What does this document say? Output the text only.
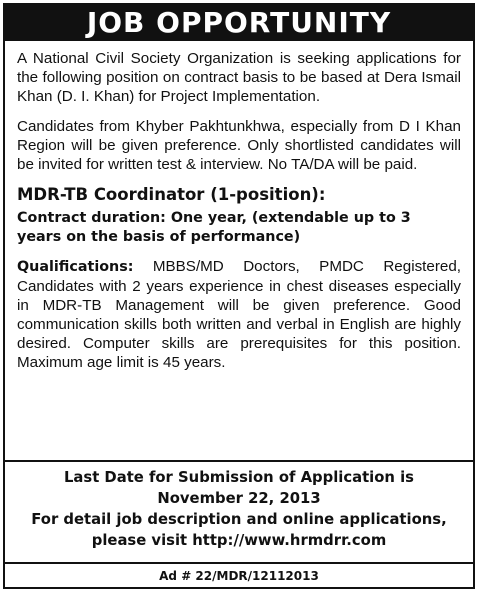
JOB OPPORTUNITY

A National Civil Society Organization is seeking applications for the following position on contract basis to be based at Dera Ismail Khan (D. I. Khan) for Project Implementation.

Candidates from Khyber Pakhtunkhwa, especially from D I Khan Region will be given preference. Only shortlisted candidates will be invited for written test & interview. No TA/DA will be paid.

MDR-TB Coordinator (1-position):
Contract duration: One year, (extendable up to 3
years on the basis of performance)

Qualifications: MBBS/MD Doctors, PMDC Registered, Candidates with 2 years experience in chest diseases especially in MDR-TB Management will be given preference. Good communication skills both written and verbal in English are highly desired. Computer skills are prerequisites for this position. Maximum age limit is 45 years.

Last Date for Submission of Application is
November 22, 2013
For detail job description and online applications,
please visit http://www.hrmdrr.com
Ad # 22/MDR/12112013
